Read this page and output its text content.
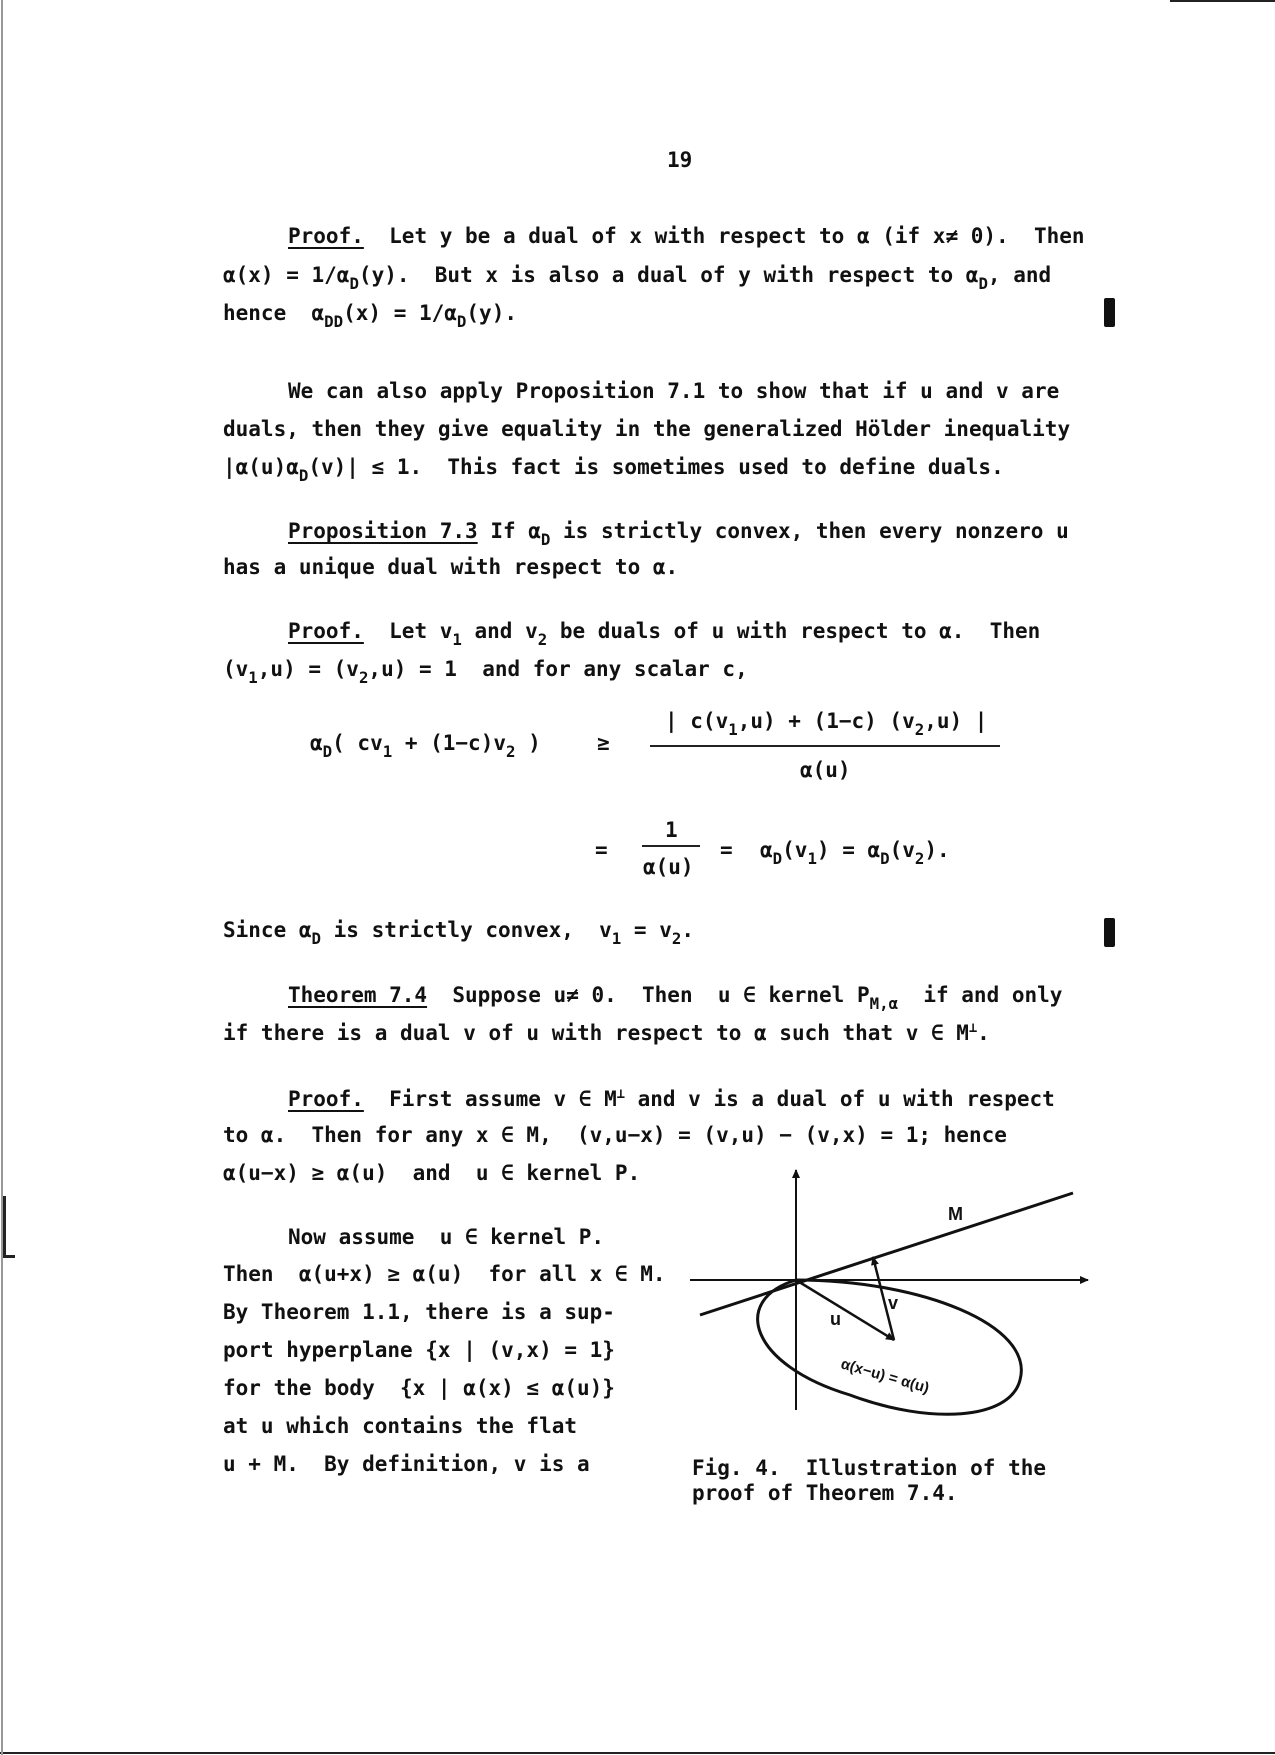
19
Proof. Let y be a dual of x with respect to α (if x≠ 0).  Then
$\alpha(x) = 1/\alpha_D(y)$.  But x is also a dual of y with respect to $\alpha_D$, and
hence  $\alpha_{DD}(x) = 1/\alpha_D(y)$.
We can also apply Proposition 7.1 to show that if u and v are
duals, then they give equality in the generalized Hölder inequality
$|\alpha(u)\alpha_D(v)| \le 1$.  This fact is sometimes used to define duals.
Proposition 7.3 If $\alpha_D$ is strictly convex, then every nonzero u
has a unique dual with respect to α.
Proof. Let $v_1$ and $v_2$ be duals of u with respect to α.  Then
$(v_1,u) = (v_2,u) = 1$  and for any scalar c,
$\alpha_D$( $cv_1 + (1-c)v_2$ )	≥
| $c(v_1,u) + (1-c)$ $(v_2,u)$ |
α(u)
=
1
α(u)
= $\alpha_D(v_1) = \alpha_D(v_2)$.
Since $\alpha_D$ is strictly convex,  $v_1 = v_2$.
Theorem 7.4 Suppose u≠ 0.  Then  u ∈ kernel $P_{M,\alpha}$  if and only
if there is a dual v of u with respect to α such that v ∈ M⊥.
Proof. First assume v ∈ M⊥ and v is a dual of u with respect
to α.  Then for any x ∈ M,  (v,u−x) = (v,u) − (v,x) = 1; hence
α(u−x) ≥ α(u)  and  u ∈ kernel P.
Now assume  u ∈ kernel P.
Then  α(u+x) ≥ α(u)  for all x ∈ M.
By Theorem 1.1, there is a sup-
port hyperplane {x | (v,x) = 1}
for the body  {x | α(x) ≤ α(u)}
at u which contains the flat
u + M.  By definition, v is a
M
u
v
α(x−u) = α(u)
Fig. 4.  Illustration of the
proof of Theorem 7.4.
